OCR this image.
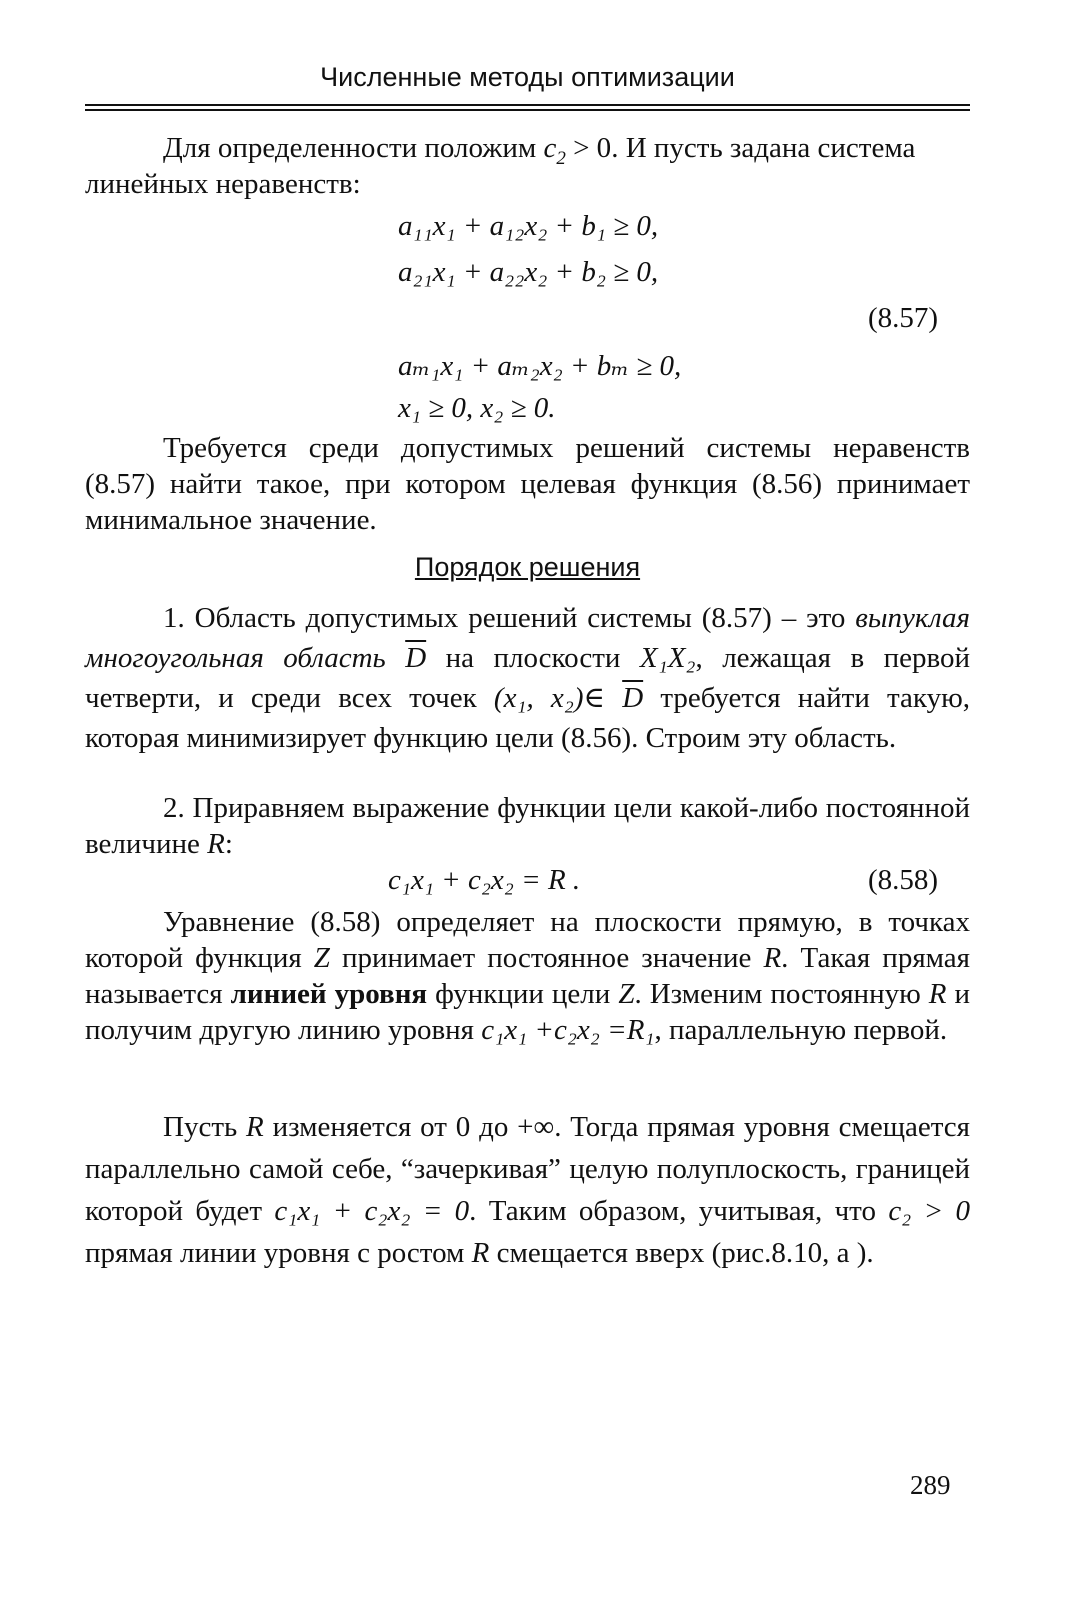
Численные методы оптимизации
Для определенности положим $c_2 > 0$. И пусть задана система
линейных неравенств:
a₁₁x₁ + a₁₂x₂ + b₁ ≥ 0,
a₂₁x₁ + a₂₂x₂ + b₂ ≥ 0,
(8.57)
aₘ₁x₁ + aₘ₂x₂ + bₘ ≥ 0,
x₁ ≥ 0, x₂ ≥ 0.
Требуется среди допустимых решений системы неравенств (8.57) найти такое, при котором целевая функция (8.56) принимает минимальное значение.
Порядок решения
1. Область допустимых решений системы (8.57) – это выпуклая многоугольная область $\overline{D}$ на плоскости X₁X₂, лежащая в первой четверти, и среди всех точек (x₁, x₂)∈ $\overline{D}$ требуется найти такую, которая минимизирует функцию цели (8.56). Строим эту область.
2. Приравняем выражение функции цели какой-либо постоянной величине R:
c₁x₁ + c₂x₂ = R .	(8.58)
Уравнение (8.58) определяет на плоскости прямую, в точках которой функция Z принимает постоянное значение R. Такая прямая называется линией уровня функции цели Z. Изменим постоянную R и получим другую линию уровня c₁x₁ +c₂x₂ =R₁, параллельную первой.
Пусть R изменяется от 0 до +∞. Тогда прямая уровня смещается параллельно самой себе, “зачеркивая” целую полуплоскость, границей которой будет c₁x₁ + c₂x₂ = 0. Таким образом, учитывая, что c₂ > 0 прямая линии уровня с ростом R смещается вверх (рис.8.10, а ).
289
